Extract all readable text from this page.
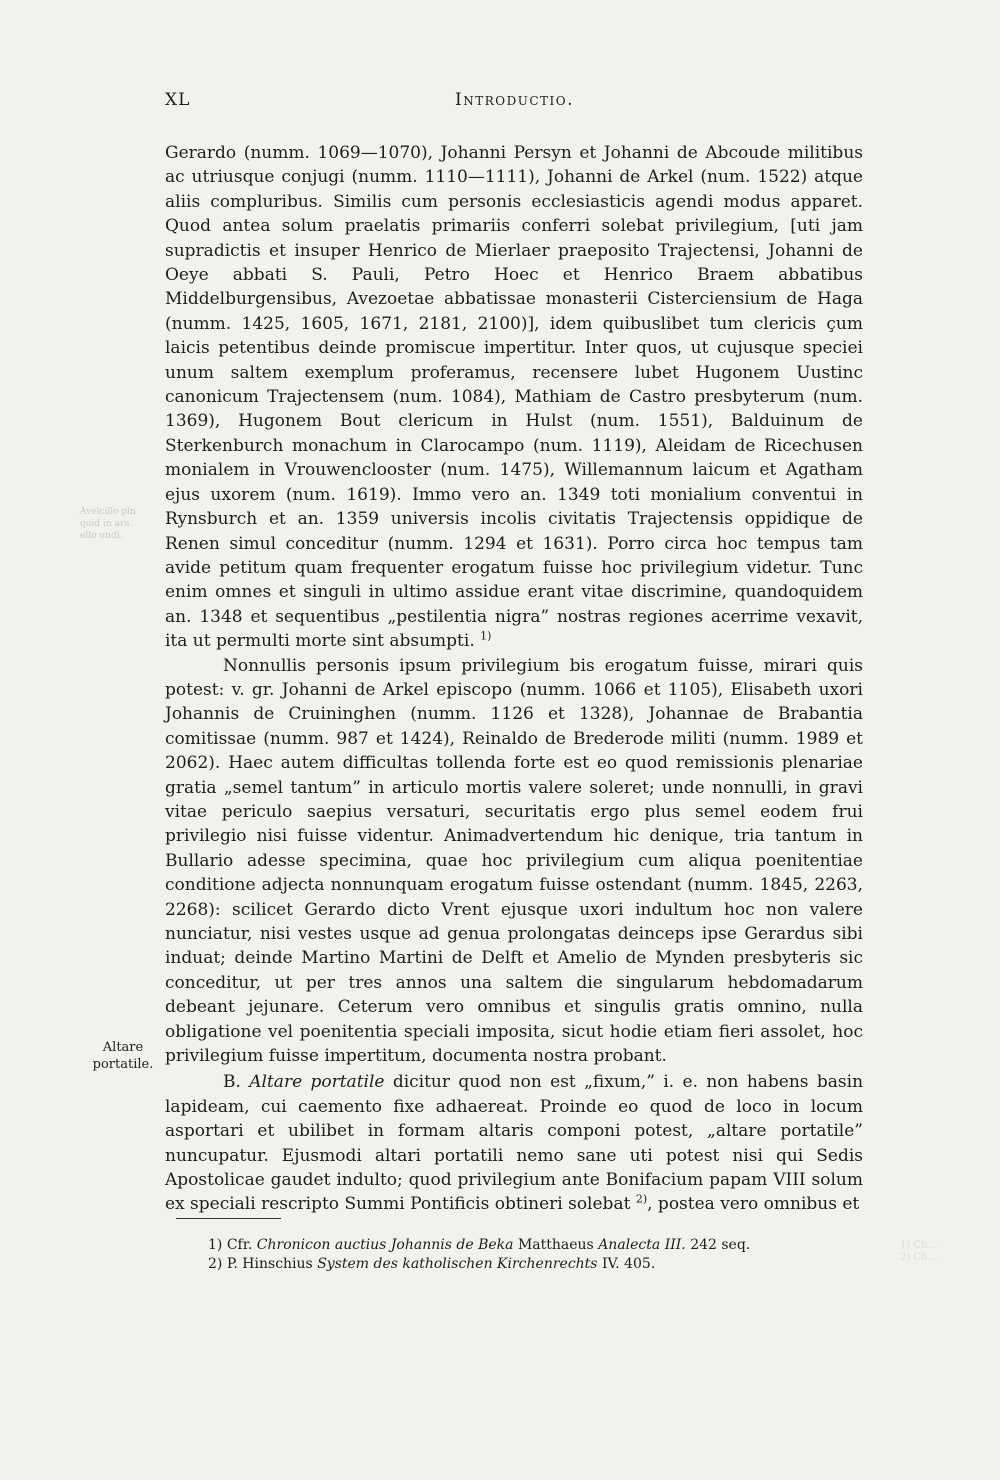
XL	Introductio.
Avelcillo pln
quid in ara.
ello undi.

Gerardo (numm. 1069—1070), Johanni Persyn et Johanni de Abcoude militibus ac utriusque conjugi (numm. 1110—1111), Johanni de Arkel (num. 1522) atque aliis compluribus. Similis cum personis ecclesiasticis agendi modus apparet. Quod antea solum praelatis primariis conferri solebat privilegium, [uti jam supradictis et insuper Henrico de Mierlaer praeposito Trajectensi, Johanni de Oeye abbati S. Pauli, Petro Hoec et Henrico Braem abbatibus Middelburgensibus, Avezoetae abbatissae monasterii Cisterciensium de Haga (numm. 1425, 1605, 1671, 2181, 2100)], idem quibuslibet tum clericis çum laicis petentibus deinde promiscue impertitur. Inter quos, ut cujusque speciei unum saltem exemplum proferamus, recensere lubet Hugonem Uustinc canonicum Trajectensem (num. 1084), Mathiam de Castro presbyterum (num. 1369), Hugonem Bout clericum in Hulst (num. 1551), Balduinum de Sterkenburch monachum in Clarocampo (num. 1119), Aleidam de Ricechusen monialem in Vrouwenclooster (num. 1475), Willemannum laicum et Agatham ejus uxorem (num. 1619). Immo vero an. 1349 toti monialium conventui in Rynsburch et an. 1359 universis incolis civitatis Trajectensis oppidique de Renen simul conceditur (numm. 1294 et 1631). Porro circa hoc tempus tam avide petitum quam frequenter erogatum fuisse hoc privilegium videtur. Tunc enim omnes et singuli in ultimo assidue erant vitae discrimine, quandoquidem an. 1348 et sequentibus „pestilentia nigra” nostras regiones acerrime vexavit, ita ut permulti morte sint absumpti. $^{1)}$

Nonnullis personis ipsum privilegium bis erogatum fuisse, mirari quis potest: v. gr. Johanni de Arkel episcopo (numm. 1066 et 1105), Elisabeth uxori Johannis de Cruininghen (numm. 1126 et 1328), Johannae de Brabantia comitissae (numm. 987 et 1424), Reinaldo de Brederode militi (numm. 1989 et 2062). Haec autem difficultas tollenda forte est eo quod remissionis plenariae gratia „semel tantum” in articulo mortis valere soleret; unde nonnulli, in gravi vitae periculo saepius versaturi, securitatis ergo plus semel eodem frui privilegio nisi fuisse videntur. Animadvertendum hic denique, tria tantum in Bullario adesse specimina, quae hoc privilegium cum aliqua poenitentiae conditione adjecta nonnunquam erogatum fuisse ostendant (numm. 1845, 2263, 2268): scilicet Gerardo dicto Vrent ejusque uxori indultum hoc non valere nunciatur, nisi vestes usque ad genua prolongatas deinceps ipse Gerardus sibi induat; deinde Martino Martini de Delft et Amelio de Mynden presbyteris sic conceditur, ut per tres annos una saltem die singularum hebdomadarum debeant jejunare. Ceterum vero omnibus et singulis gratis omnino, nulla obligatione vel poenitentia speciali imposita, sicut hodie etiam fieri assolet, hoc privilegium fuisse impertitum, documenta nostra probant.

B. Altare portatile dicitur quod non est „fixum,” i. e. non habens basin lapideam, cui caemento fixe adhaereat. Proinde eo quod de loco in locum asportari et ubilibet in formam altaris componi potest, „altare portatile” nuncupatur. Ejusmodi altari portatili nemo sane uti potest nisi qui Sedis Apostolicae gaudet indulto; quod privilegium ante Bonifacium papam VIII solum ex speciali rescripto Summi Pontificis obtineri solebat $^{2)}$, postea vero omnibus et

Altare
portatile.

1) Cfr. Chronicon auctius Johannis de Beka Matthaeus Analecta III. 242 seq.

2) P. Hinschius System des katholischen Kirchenrechts IV. 405.

1) Ch...
2) Ch...
